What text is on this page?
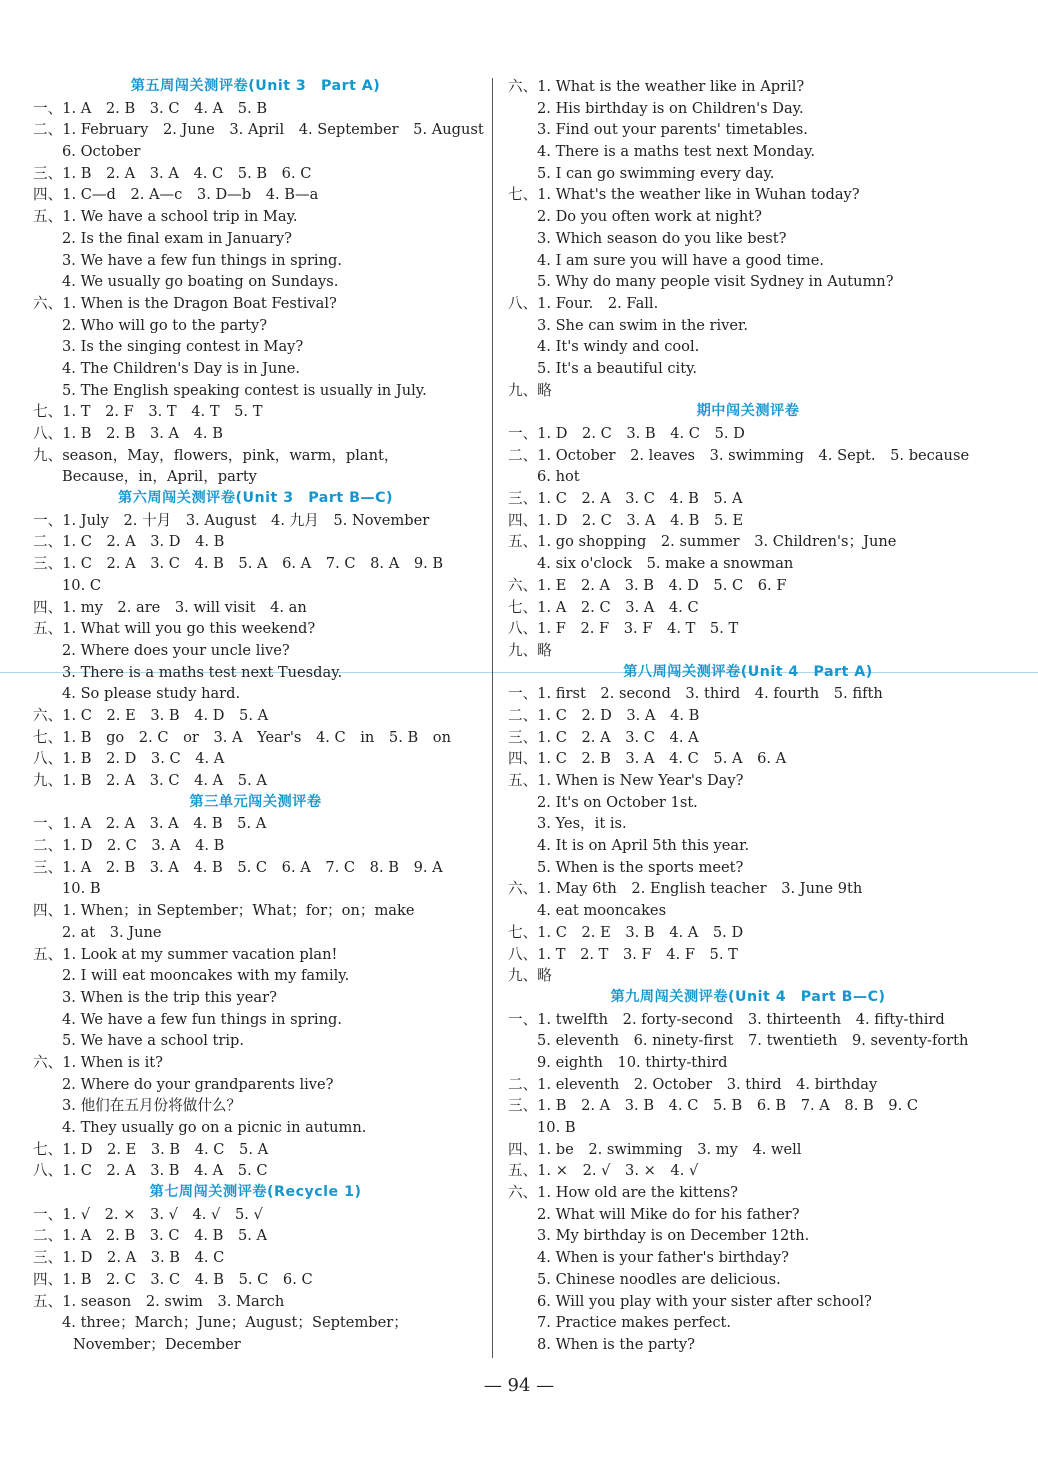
第五周闯关测评卷(Unit 3　Part A)
一、1. A　2. B　3. C　4. A　5. B
二、1. February　2. June　3. April　4. September　5. August
6. October
三、1. B　2. A　3. A　4. C　5. B　6. C
四、1. C—d　2. A—c　3. D—b　4. B—a
五、1. We have a school trip in May.
2. Is the final exam in January?
3. We have a few fun things in spring.
4. We usually go boating on Sundays.
六、1. When is the Dragon Boat Festival?
2. Who will go to the party?
3. Is the singing contest in May?
4. The Children's Day is in June.
5. The English speaking contest is usually in July.
七、1. T　2. F　3. T　4. T　5. T
八、1. B　2. B　3. A　4. B
九、season，May，flowers，pink，warm，plant，
Because，in，April，party
第六周闯关测评卷(Unit 3　Part B—C)
一、1. July　2. 十月　3. August　4. 九月　5. November
二、1. C　2. A　3. D　4. B
三、1. C　2. A　3. C　4. B　5. A　6. A　7. C　8. A　9. B
10. C
四、1. my　2. are　3. will visit　4. an
五、1. What will you go this weekend?
2. Where does your uncle live?
3. There is a maths test next Tuesday.
4. So please study hard.
六、1. C　2. E　3. B　4. D　5. A
七、1. B　go　2. C　or　3. A　Year's　4. C　in　5. B　on
八、1. B　2. D　3. C　4. A
九、1. B　2. A　3. C　4. A　5. A
第三单元闯关测评卷
一、1. A　2. A　3. A　4. B　5. A
二、1. D　2. C　3. A　4. B
三、1. A　2. B　3. A　4. B　5. C　6. A　7. C　8. B　9. A
10. B
四、1. When；in September；What；for；on；make
2. at　3. June
五、1. Look at my summer vacation plan!
2. I will eat mooncakes with my family.
3. When is the trip this year?
4. We have a few fun things in spring.
5. We have a school trip.
六、1. When is it?
2. Where do your grandparents live?
3. 他们在五月份将做什么？
4. They usually go on a picnic in autumn.
七、1. D　2. E　3. B　4. C　5. A
八、1. C　2. A　3. B　4. A　5. C
第七周闯关测评卷(Recycle 1)
一、1. √　2. ×　3. √　4. √　5. √
二、1. A　2. B　3. C　4. B　5. A
三、1. D　2. A　3. B　4. C
四、1. B　2. C　3. C　4. B　5. C　6. C
五、1. season　2. swim　3. March
4. three；March；June；August；September；
November；December
六、1. What is the weather like in April?
2. His birthday is on Children's Day.
3. Find out your parents' timetables.
4. There is a maths test next Monday.
5. I can go swimming every day.
七、1. What's the weather like in Wuhan today?
2. Do you often work at night?
3. Which season do you like best?
4. I am sure you will have a good time.
5. Why do many people visit Sydney in Autumn?
八、1. Four.　2. Fall.
3. She can swim in the river.
4. It's windy and cool.
5. It's a beautiful city.
九、略
期中闯关测评卷
一、1. D　2. C　3. B　4. C　5. D
二、1. October　2. leaves　3. swimming　4. Sept.　5. because
6. hot
三、1. C　2. A　3. C　4. B　5. A
四、1. D　2. C　3. A　4. B　5. E
五、1. go shopping　2. summer　3. Children's；June
4. six o'clock　5. make a snowman
六、1. E　2. A　3. B　4. D　5. C　6. F
七、1. A　2. C　3. A　4. C
八、1. F　2. F　3. F　4. T　5. T
九、略
第八周闯关测评卷(Unit 4　Part A)
一、1. first　2. second　3. third　4. fourth　5. fifth
二、1. C　2. D　3. A　4. B
三、1. C　2. A　3. C　4. A
四、1. C　2. B　3. A　4. C　5. A　6. A
五、1. When is New Year's Day?
2. It's on October 1st.
3. Yes，it is.
4. It is on April 5th this year.
5. When is the sports meet?
六、1. May 6th　2. English teacher　3. June 9th
4. eat mooncakes
七、1. C　2. E　3. B　4. A　5. D
八、1. T　2. T　3. F　4. F　5. T
九、略
第九周闯关测评卷(Unit 4　Part B—C)
一、1. twelfth　2. forty-second　3. thirteenth　4. fifty-third
5. eleventh　6. ninety-first　7. twentieth　9. seventy-forth
9. eighth　10. thirty-third
二、1. eleventh　2. October　3. third　4. birthday
三、1. B　2. A　3. B　4. C　5. B　6. B　7. A　8. B　9. C
10. B
四、1. be　2. swimming　3. my　4. well
五、1. ×　2. √　3. ×　4. √
六、1. How old are the kittens?
2. What will Mike do for his father?
3. My birthday is on December 12th.
4. When is your father's birthday?
5. Chinese noodles are delicious.
6. Will you play with your sister after school?
7. Practice makes perfect.
8. When is the party?
— 94 —
